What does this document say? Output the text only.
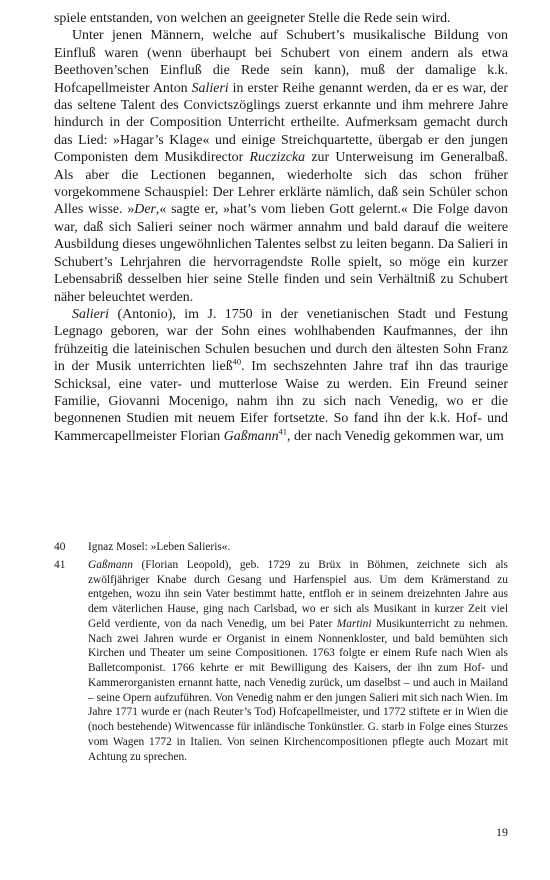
spiele entstanden, von welchen an geeigneter Stelle die Rede sein wird.

Unter jenen Männern, welche auf Schubert’s musikalische Bildung von Einfluß waren (wenn überhaupt bei Schubert von einem andern als etwa Beethoven’schen Einfluß die Rede sein kann), muß der damalige k.k. Hofcapellmeister Anton Salieri in erster Reihe genannt werden, da er es war, der das seltene Talent des Convictszöglings zuerst erkannte und ihm mehrere Jahre hindurch in der Composition Unterricht ertheilte. Aufmerksam gemacht durch das Lied: »Hagar’s Klage« und einige Streichquartette, übergab er den jungen Componisten dem Musikdirector Ruczizcka zur Unterweisung im Generalbaß. Als aber die Lectionen begannen, wiederholte sich das schon früher vorgekommene Schauspiel: Der Lehrer erklärte nämlich, daß sein Schüler schon Alles wisse. »Der,« sagte er, »hat’s vom lieben Gott gelernt.« Die Folge davon war, daß sich Salieri seiner noch wärmer annahm und bald darauf die weitere Ausbildung dieses ungewöhnlichen Talentes selbst zu leiten begann. Da Salieri in Schubert’s Lehrjahren die hervorragendste Rolle spielt, so möge ein kurzer Lebensabriß desselben hier seine Stelle finden und sein Verhältniß zu Schubert näher beleuchtet werden.

Salieri (Antonio), im J. 1750 in der venetianischen Stadt und Festung Legnago geboren, war der Sohn eines wohlhabenden Kaufmannes, der ihn frühzeitig die lateinischen Schulen besuchen und durch den ältesten Sohn Franz in der Musik unterrichten ließ$^{40}$. Im sechszehnten Jahre traf ihn das traurige Schicksal, eine vater- und mutterlose Waise zu werden. Ein Freund seiner Familie, Giovanni Mocenigo, nahm ihn zu sich nach Venedig, wo er die begonnenen Studien mit neuem Eifer fortsetzte. So fand ihn der k.k. Hof- und Kammercapellmeister Florian Gaßmann$^{41}$, der nach Venedig gekommen war, um

40 Ignaz Mosel: »Leben Salieris«.
41 Gaßmann (Florian Leopold), geb. 1729 zu Brüx in Böhmen, zeichnete sich als zwölfjähriger Knabe durch Gesang und Harfenspiel aus. Um dem Krämerstand zu entgehen, wozu ihn sein Vater bestimmt hatte, entfloh er in seinem dreizehnten Jahre aus dem väterlichen Hause, ging nach Carlsbad, wo er sich als Musikant in kurzer Zeit viel Geld verdiente, von da nach Venedig, um bei Pater Martini Musikunterricht zu nehmen. Nach zwei Jahren wurde er Organist in einem Nonnenkloster, und bald bemühten sich Kirchen und Theater um seine Compositionen. 1763 folgte er einem Rufe nach Wien als Balletcomponist. 1766 kehrte er mit Bewilligung des Kaisers, der ihn zum Hof- und Kammerorganisten ernannt hatte, nach Venedig zurück, um daselbst – und auch in Mailand – seine Opern aufzuführen. Von Venedig nahm er den jungen Salieri mit sich nach Wien. Im Jahre 1771 wurde er (nach Reuter’s Tod) Hofcapellmeister, und 1772 stiftete er in Wien die (noch bestehende) Witwencasse für inländische Tonkünstler. G. starb in Folge eines Sturzes vom Wagen 1772 in Italien. Von seinen Kirchencompositionen pflegte auch Mozart mit Achtung zu sprechen.
19
